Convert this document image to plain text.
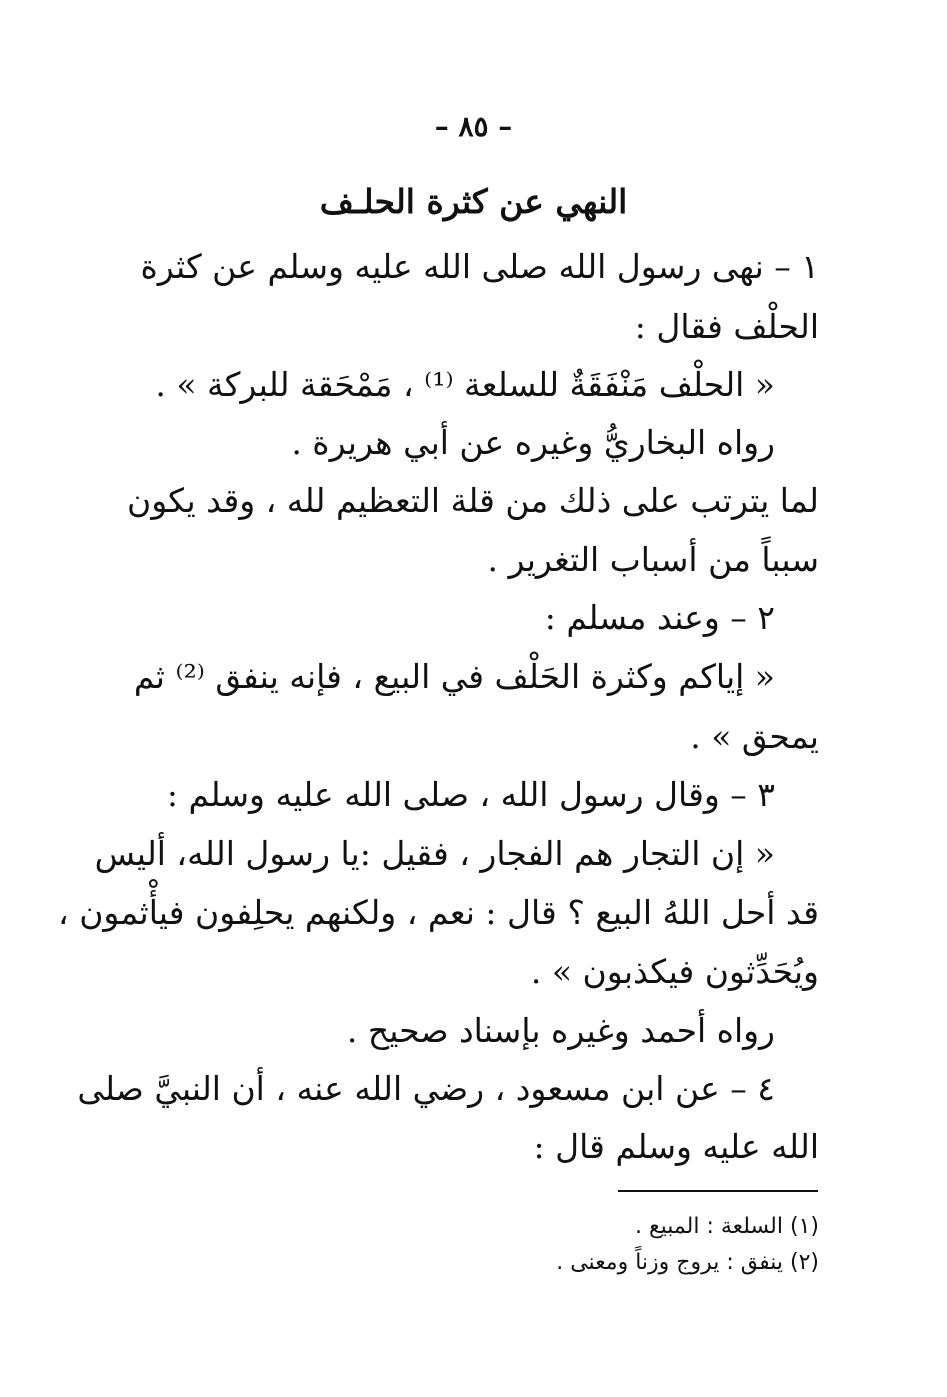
– ٨٥ –
النهي عن كثرة الحلـف
١ – نهى رسول الله صلى الله عليه وسلم عن كثرة
الحلْف فقال :
« الحلْف مَنْفَقَةٌ للسلعة ⁽¹⁾ ، مَمْحَقة للبركة » .
رواه البخاريُّ وغيره عن أبي هريرة .
لما يترتب على ذلك من قلة التعظيم لله ، وقد يكون
سبباً من أسباب التغرير .
٢ – وعند مسلم :
« إياكم وكثرة الحَلْف في البيع ، فإنه ينفق ⁽²⁾ ثم
يمحق » .
٣ – وقال رسول الله ، صلى الله عليه وسلم :
« إن التجار هم الفجار ، فقيل :يا رسول الله، أليس
قد أحل اللهُ البيع ؟ قال : نعم ، ولكنهم يحلِفون فيأْثمون ،
ويُحَدِّثون فيكذبون » .
رواه أحمد وغيره بإسناد صحيح .
٤ – عن ابن مسعود ، رضي الله عنه ، أن النبيَّ صلى
الله عليه وسلم قال :
(١) السلعة : المبيع .
(٢) ينفق : يروج وزناً ومعنى .
